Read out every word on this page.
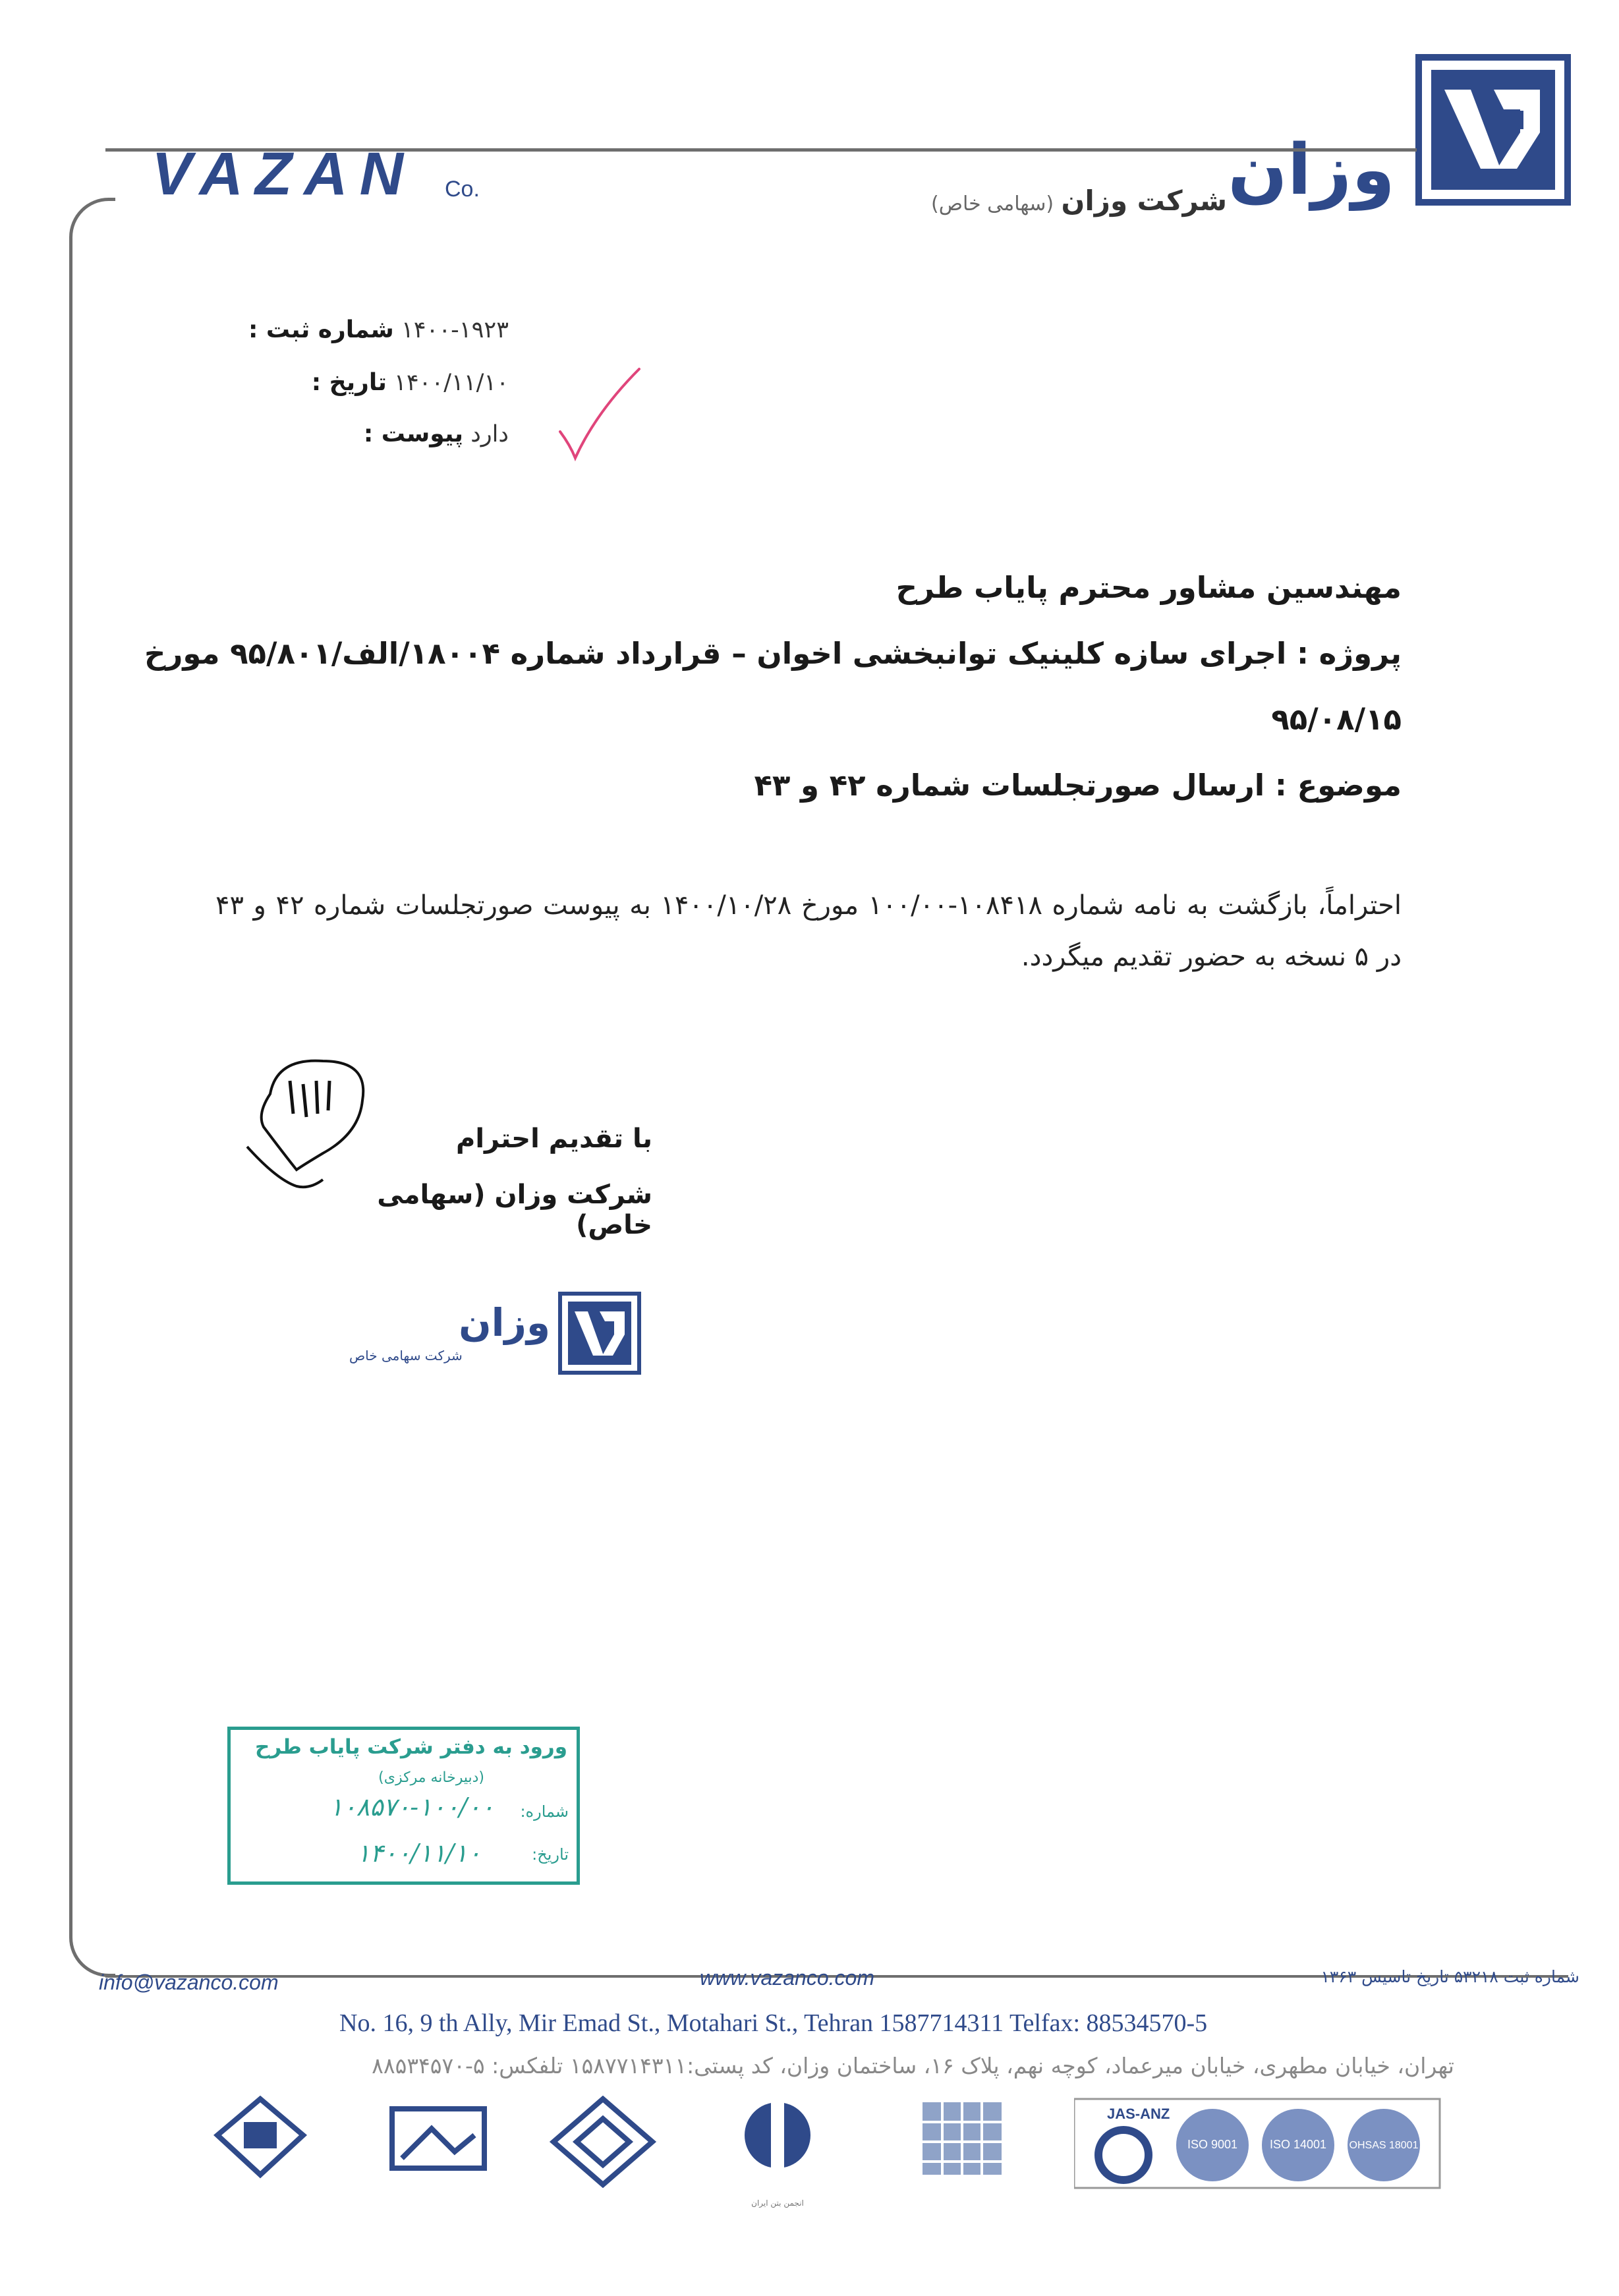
VAZAN Co.	وزان
شرکت وزان (سهامی خاص)
شماره ثبت : ۱۴۰۰-۱۹۲۳
تاریخ : ۱۴۰۰/۱۱/۱۰
پیوست : دارد
مهندسین مشاور محترم پایاب طرح
پروژه : اجرای سازه کلینیک توانبخشی اخوان – قرارداد شماره ۱۸۰۰۴/الف/۹۵/۸۰۱ مورخ
۹۵/۰۸/۱۵
موضوع : ارسال صورتجلسات شماره ۴۲ و ۴۳
احتراماً، بازگشت به نامه شماره ۱۰۸۴۱۸-۱۰۰/۰۰ مورخ ۱۴۰۰/۱۰/۲۸ به پیوست صورتجلسات شماره ۴۲ و ۴۳ در ۵ نسخه به حضور تقدیم میگردد.
با تقدیم احترام
شرکت وزان (سهامی خاص)
وزان
شرکت سهامی خاص
ورود به دفتر شرکت پایاب طرح
(دبیرخانه مرکزی)
شماره:
۱۰۸۵۷۰-۱۰۰/۰۰
تاریخ:
۱۴۰۰/۱۱/۱۰
info@vazanco.com	www.vazanco.com	شماره ثبت ۵۳۲۱۸ تاریخ تاسیس ۱۳۶۳
No. 16, 9 th Ally, Mir Emad St., Motahari St., Tehran 1587714311 Telfax: 88534570-5
تهران، خیابان مطهری، خیابان میرعماد، کوچه نهم، پلاک ۱۶، ساختمان وزان، کد پستی:۱۵۸۷۷۱۴۳۱۱ تلفکس: ۵-۸۸۵۳۴۵۷۰
انجمن بتن ایران
JAS-ANZ
ISO 9001	ISO 14001 OHSAS 18001
